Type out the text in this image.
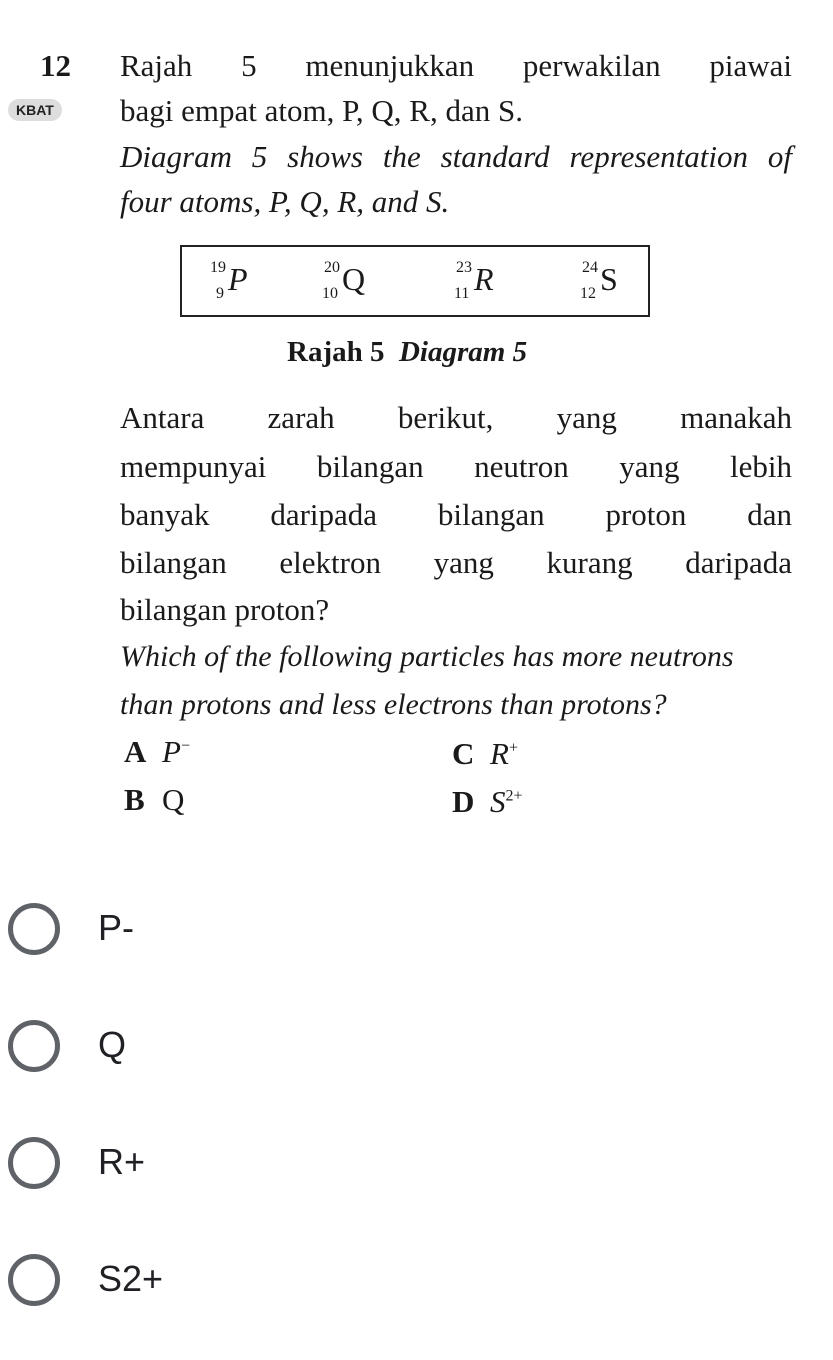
12
KBAT
Rajah 5 menunjukkan perwakilan piawai
bagi empat atom, P, Q, R, dan S.
Diagram 5 shows the standard representation of
four atoms, P, Q, R, and S.
19
9 P	20
10 Q	23
11 R	24
12 S
Rajah 5 Diagram 5
Antara zarah berikut, yang manakah
mempunyai bilangan neutron yang lebih
banyak daripada bilangan proton dan
bilangan elektron yang kurang daripada
bilangan proton?
Which of the following particles has more neutrons
than protons and less electrons than protons?
A P−
B Q
C R+
D $S^{2+}$
P-
Q
R+
S2+
